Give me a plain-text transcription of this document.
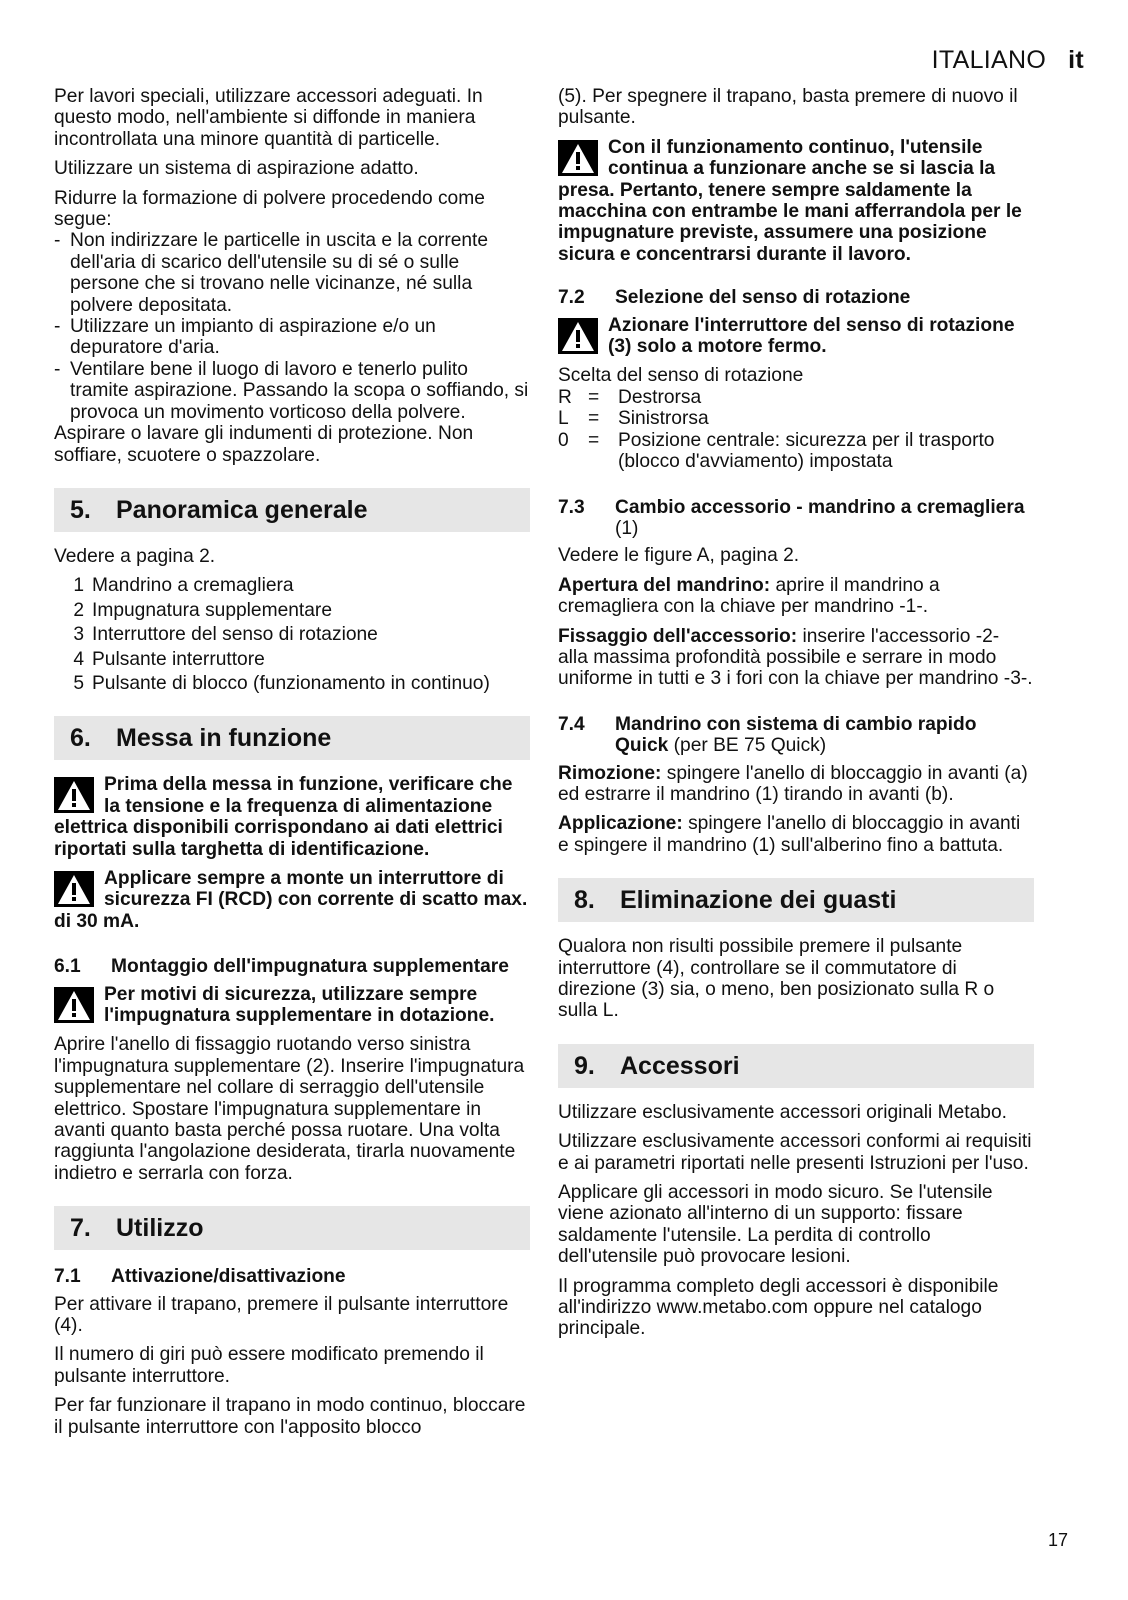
ITALIANO it

Per lavori speciali, utilizzare accessori adeguati. In questo modo, nell'ambiente si diffonde in maniera incontrollata una minore quantità di particelle.

Utilizzare un sistema di aspirazione adatto.

Ridurre la formazione di polvere procedendo come segue:

- Non indirizzare le particelle in uscita e la corrente dell'aria di scarico dell'utensile su di sé o sulle persone che si trovano nelle vicinanze, né sulla polvere depositata.

- Utilizzare un impianto di aspirazione e/o un depuratore d'aria.

- Ventilare bene il luogo di lavoro e tenerlo pulito tramite aspirazione. Passando la scopa o soffiando, si provoca un movimento vorticoso della polvere.

Aspirare o lavare gli indumenti di protezione. Non soffiare, scuotere o spazzolare.

5. Panoramica generale

Vedere a pagina 2.

1 Mandrino a cremagliera
2 Impugnatura supplementare
3 Interruttore del senso di rotazione
4 Pulsante interruttore
5 Pulsante di blocco (funzionamento in continuo)
6. Messa in funzione
Prima della messa in funzione, verificare che la tensione e la frequenza di alimentazione elettrica disponibili corrispondano ai dati elettrici riportati sulla targhetta di identificazione.
Applicare sempre a monte un interruttore di sicurezza FI (RCD) con corrente di scatto max. di 30 mA.
6.1	Montaggio dell'impugnatura supplementare
Per motivi di sicurezza, utilizzare sempre l'impugnatura supplementare in dotazione.

Aprire l'anello di fissaggio ruotando verso sinistra l'impugnatura supplementare (2). Inserire l'impugnatura supplementare nel collare di serraggio dell'utensile elettrico. Spostare l'impugnatura supplementare in avanti quanto basta perché possa ruotare. Una volta raggiunta l'angolazione desiderata, tirarla nuovamente indietro e serrarla con forza.

7. Utilizzo
7.1	Attivazione/disattivazione

Per attivare il trapano, premere il pulsante interruttore (4).

Il numero di giri può essere modificato premendo il pulsante interruttore.

Per far funzionare il trapano in modo continuo, bloccare il pulsante interruttore con l'apposito blocco

(5). Per spegnere il trapano, basta premere di nuovo il pulsante.

Con il funzionamento continuo, l'utensile continua a funzionare anche se si lascia la presa. Pertanto, tenere sempre saldamente la macchina con entrambe le mani afferrandola per le impugnature previste, assumere una posizione sicura e concentrarsi durante il lavoro.
7.2	Selezione del senso di rotazione
Azionare l'interruttore del senso di rotazione (3) solo a motore fermo.

Scelta del senso di rotazione

R = Destrorsa
L	= Sinistrorsa
0	= Posizione centrale: sicurezza per il trasporto (blocco d'avviamento) impostata
7.3	Cambio accessorio - mandrino a cremagliera (1)

Vedere le figure A, pagina 2.

Apertura del mandrino: aprire il mandrino a cremagliera con la chiave per mandrino -1-.

Fissaggio dell'accessorio: inserire l'accessorio -2- alla massima profondità possibile e serrare in modo uniforme in tutti e 3 i fori con la chiave per mandrino -3-.

7.4	Mandrino con sistema di cambio rapido Quick (per BE 75 Quick)

Rimozione: spingere l'anello di bloccaggio in avanti (a) ed estrarre il mandrino (1) tirando in avanti (b).

Applicazione: spingere l'anello di bloccaggio in avanti e spingere il mandrino (1) sull'alberino fino a battuta.

8. Eliminazione dei guasti

Qualora non risulti possibile premere il pulsante interruttore (4), controllare se il commutatore di direzione (3) sia, o meno, ben posizionato sulla R o sulla L.

9. Accessori

Utilizzare esclusivamente accessori originali Metabo.

Utilizzare esclusivamente accessori conformi ai requisiti e ai parametri riportati nelle presenti Istruzioni per l'uso.

Applicare gli accessori in modo sicuro. Se l'utensile viene azionato all'interno di un supporto: fissare saldamente l'utensile. La perdita di controllo dell'utensile può provocare lesioni.

Il programma completo degli accessori è disponibile all'indirizzo www.metabo.com oppure nel catalogo principale.

17
